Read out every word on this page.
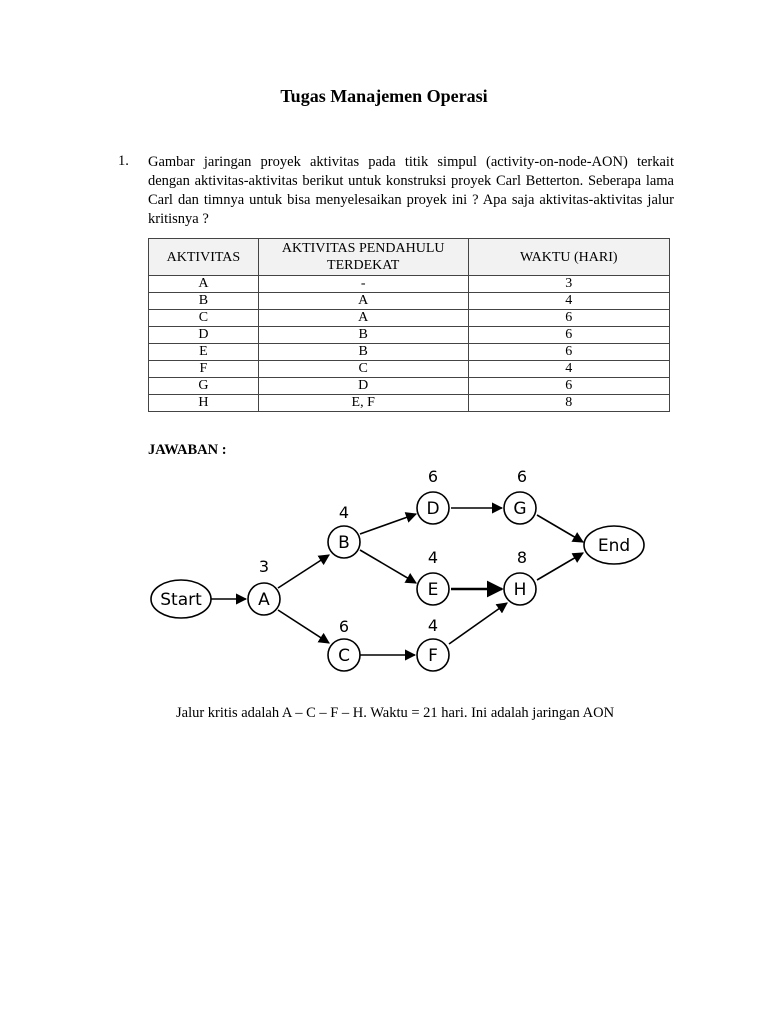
Tugas Manajemen Operasi
1. Gambar jaringan proyek aktivitas pada titik simpul (activity-on-node-AON) terkait dengan aktivitas-aktivitas berikut untuk konstruksi proyek Carl Betterton. Seberapa lama Carl dan timnya untuk bisa menyelesaikan proyek ini ? Apa saja aktivitas-aktivitas jalur kritisnya ?
AKTIVITAS	AKTIVITAS PENDAHULU TERDEKAT	WAKTU (HARI)
A	-	3
B	A	4
C	A	6
D	B	6
E	B	6
F	C	4
G	D	6
H	E, F	8
JAWABAN :
Start	A
3
B
4
C
6
D
6
E
4
F
4
G
6
H
8
End
Jalur kritis adalah A – C – F – H. Waktu = 21 hari. Ini adalah jaringan AON
